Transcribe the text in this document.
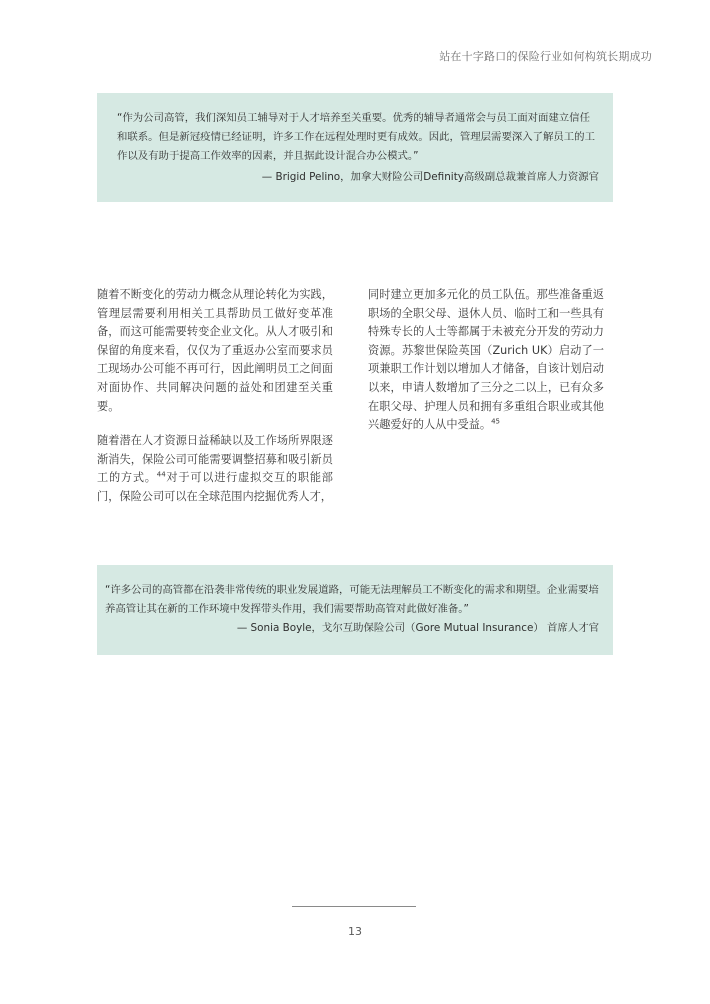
站在十字路口的保险行业如何构筑长期成功

“作为公司高管，我们深知员工辅导对于人才培养至关重要。优秀的辅导者通常会与员工面对面建立信任和联系。但是新冠疫情已经证明，许多工作在远程处理时更有成效。因此，管理层需要深入了解员工的工作以及有助于提高工作效率的因素，并且据此设计混合办公模式。”

— Brigid Pelino，加拿大财险公司Definity高级副总裁兼首席人力资源官

随着不断变化的劳动力概念从理论转化为实践，管理层需要利用相关工具帮助员工做好变革准备，而这可能需要转变企业文化。从人才吸引和保留的角度来看，仅仅为了重返办公室而要求员工现场办公可能不再可行，因此阐明员工之间面对面协作、共同解决问题的益处和团建至关重要。

随着潜在人才资源日益稀缺以及工作场所界限逐渐消失，保险公司可能需要调整招募和吸引新员工的方式。$^{44}$对于可以进行虚拟交互的职能部门，保险公司可以在全球范围内挖掘优秀人才，

同时建立更加多元化的员工队伍。那些准备重返职场的全职父母、退休人员、临时工和一些具有特殊专长的人士等都属于未被充分开发的劳动力资源。苏黎世保险英国（Zurich UK）启动了一项兼职工作计划以增加人才储备，自该计划启动以来，申请人数增加了三分之二以上，已有众多在职父母、护理人员和拥有多重组合职业或其他兴趣爱好的人从中受益。$^{45}$

“许多公司的高管都在沿袭非常传统的职业发展道路，可能无法理解员工不断变化的需求和期望。企业需要培养高管让其在新的工作环境中发挥带头作用，我们需要帮助高管对此做好准备。”

— Sonia Boyle，戈尔互助保险公司（Gore Mutual Insurance） 首席人才官
13
